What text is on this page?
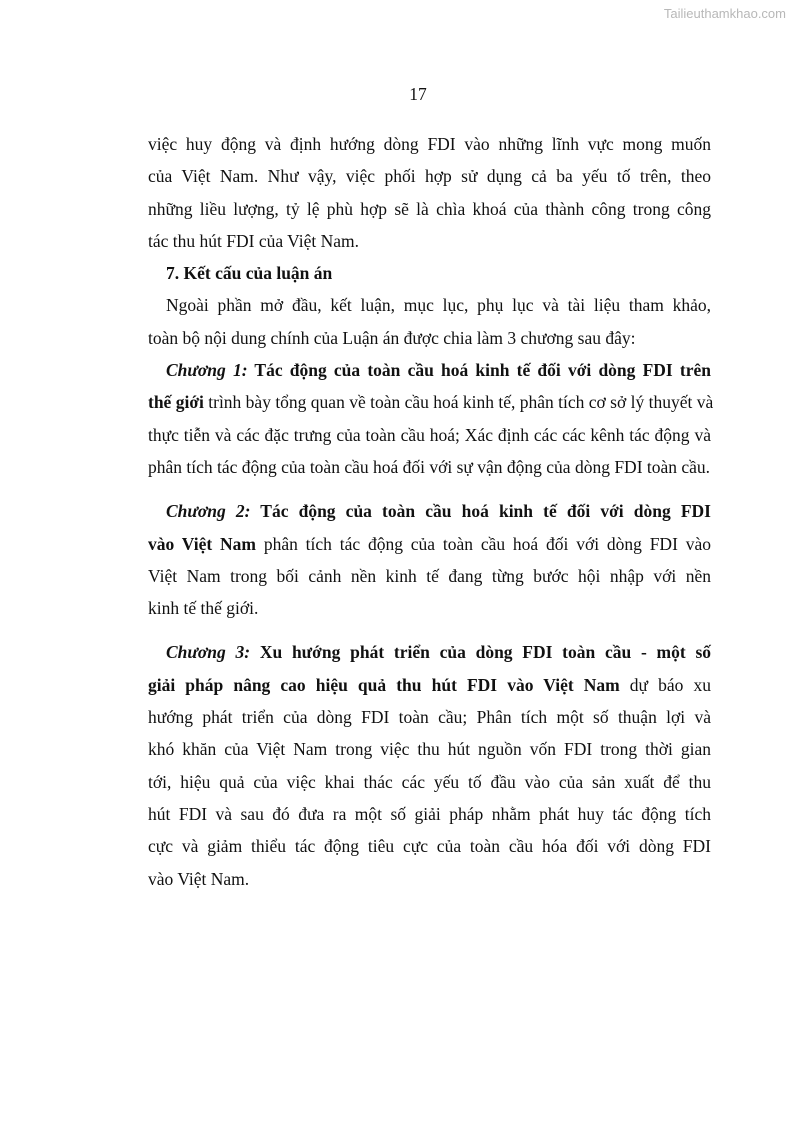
Tailieuthamkhao.com
17
việc huy động và định hướng dòng FDI vào những lĩnh vực mong muốn
của Việt Nam. Như vậy, việc phối hợp sử dụng cả ba yếu tố trên, theo
những liều lượng, tỷ lệ phù hợp sẽ là chìa khoá của thành công trong công
tác thu hút FDI của Việt Nam.
7. Kết cấu của luận án
Ngoài phần mở đầu, kết luận, mục lục, phụ lục và tài liệu tham khảo,
toàn bộ nội dung chính của Luận án được chia làm 3 chương sau đây:
Chương 1: Tác động của toàn cầu hoá kinh tế đối với dòng FDI trên
thế giới trình bày tổng quan về toàn cầu hoá kinh tế, phân tích cơ sở lý thuyết và
thực tiễn và các đặc trưng của toàn cầu hoá; Xác định các các kênh tác động và
phân tích tác động của toàn cầu hoá đối với sự vận động của dòng FDI toàn cầu.
Chương 2: Tác động của toàn cầu hoá kinh tế đối với dòng FDI
vào Việt Nam phân tích tác động của toàn cầu hoá đối với dòng FDI vào
Việt Nam trong bối cảnh nền kinh tế đang từng bước hội nhập với nền
kinh tế thế giới.
Chương 3: Xu hướng phát triển của dòng FDI toàn cầu - một số
giải pháp nâng cao hiệu quả thu hút FDI vào Việt Nam dự báo xu
hướng phát triển của dòng FDI toàn cầu; Phân tích một số thuận lợi và
khó khăn của Việt Nam trong việc thu hút nguồn vốn FDI trong thời gian
tới, hiệu quả của việc khai thác các yếu tố đầu vào của sản xuất để thu
hút FDI và sau đó đưa ra một số giải pháp nhằm phát huy tác động tích
cực và giảm thiểu tác động tiêu cực của toàn cầu hóa đối với dòng FDI
vào Việt Nam.
